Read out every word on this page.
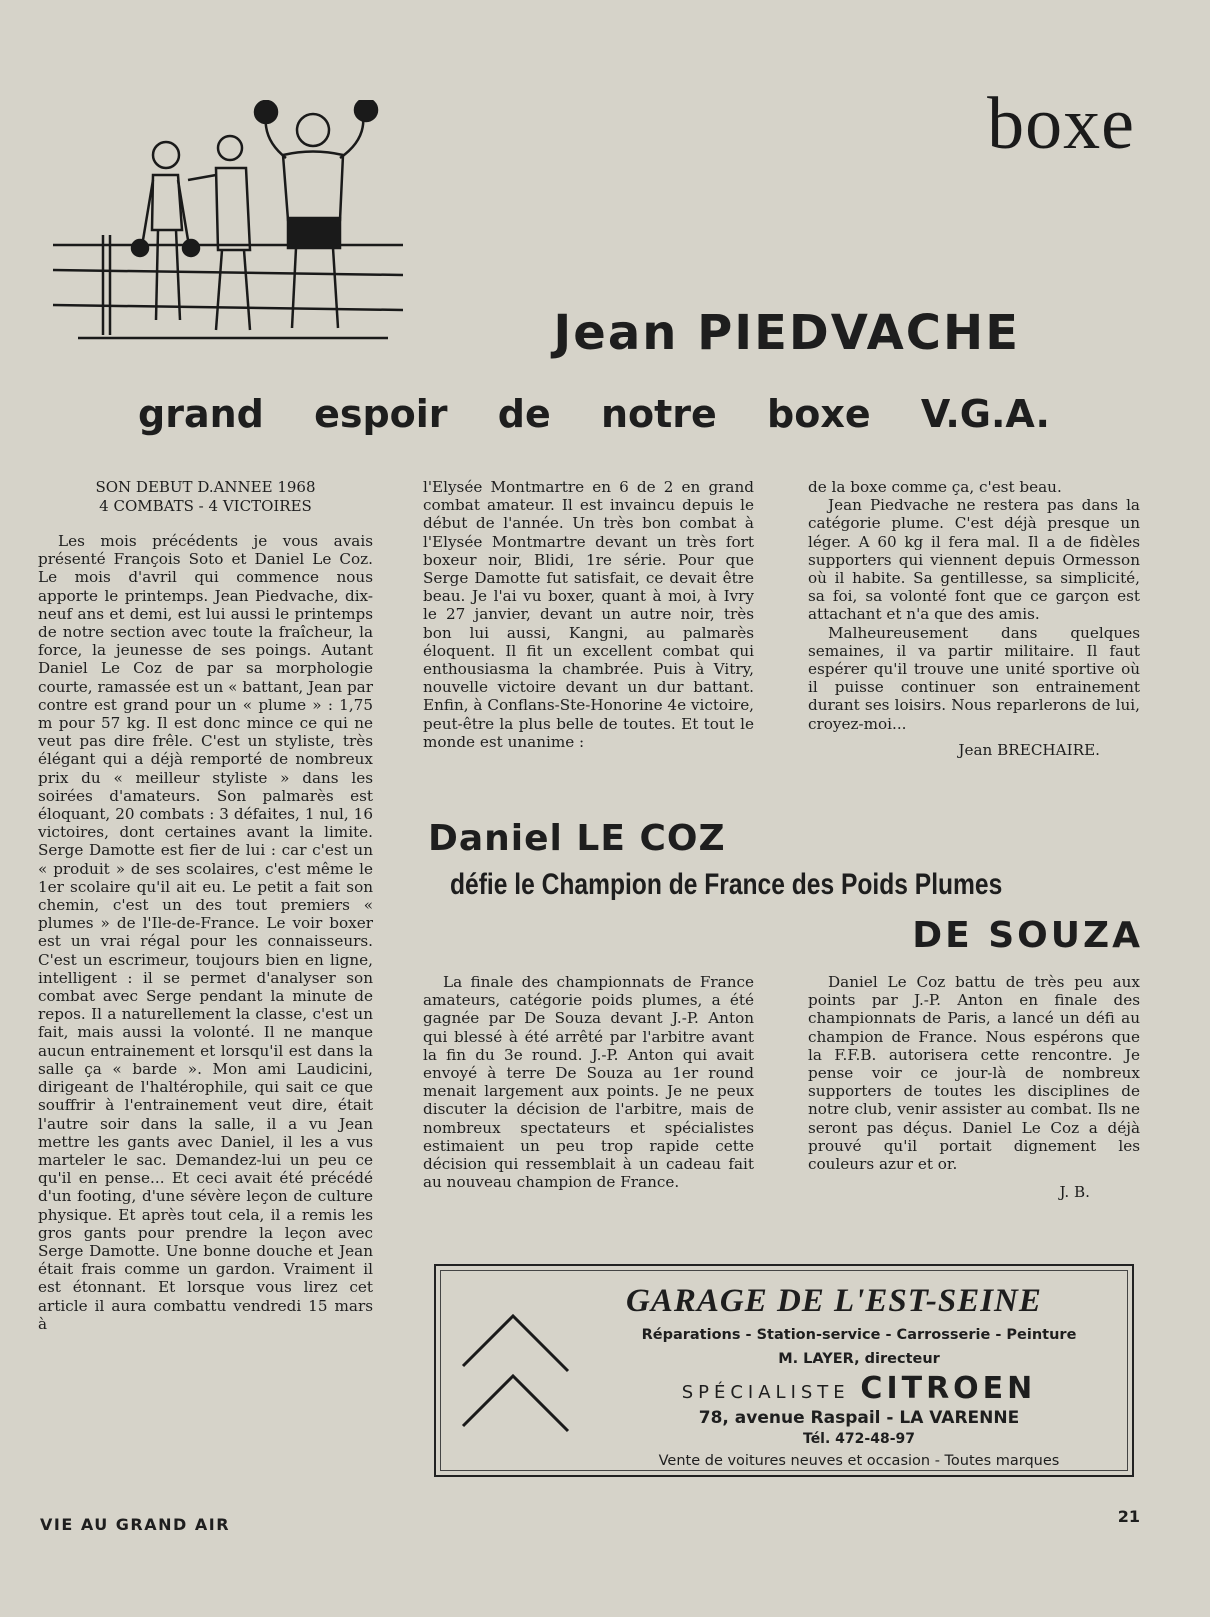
boxe
Jean PIEDVACHE
grand espoir de notre boxe V.G.A.

SON DEBUT D.ANNEE 1968
4 COMBATS - 4 VICTOIRES

Les mois précédents je vous avais présenté François Soto et Daniel Le Coz. Le mois d'avril qui commence nous apporte le printemps. Jean Piedvache, dix-neuf ans et demi, est lui aussi le printemps de notre section avec toute la fraîcheur, la force, la jeunesse de ses poings. Autant Daniel Le Coz de par sa morphologie courte, ramassée est un « battant, Jean par contre est grand pour un « plume » : 1,75 m pour 57 kg. Il est donc mince ce qui ne veut pas dire frêle. C'est un styliste, très élégant qui a déjà remporté de nombreux prix du « meilleur styliste » dans les soirées d'amateurs. Son palmarès est éloquant, 20 combats : 3 défaites, 1 nul, 16 victoires, dont certaines avant la limite. Serge Damotte est fier de lui : car c'est un « produit » de ses scolaires, c'est même le 1er scolaire qu'il ait eu. Le petit a fait son chemin, c'est un des tout premiers « plumes » de l'Ile-de-France. Le voir boxer est un vrai régal pour les connaisseurs. C'est un escrimeur, toujours bien en ligne, intelligent : il se permet d'analyser son combat avec Serge pendant la minute de repos. Il a naturellement la classe, c'est un fait, mais aussi la volonté. Il ne manque aucun entrainement et lorsqu'il est dans la salle ça « barde ». Mon ami Laudicini, dirigeant de l'haltérophile, qui sait ce que souffrir à l'entrainement veut dire, était l'autre soir dans la salle, il a vu Jean mettre les gants avec Daniel, il les a vus marteler le sac. Demandez-lui un peu ce qu'il en pense... Et ceci avait été précédé d'un footing, d'une sévère leçon de culture physique. Et après tout cela, il a remis les gros gants pour prendre la leçon avec Serge Damotte. Une bonne douche et Jean était frais comme un gardon. Vraiment il est étonnant. Et lorsque vous lirez cet article il aura combattu vendredi 15 mars à

l'Elysée Montmartre en 6 de 2 en grand combat amateur. Il est invaincu depuis le début de l'année. Un très bon combat à l'Elysée Montmartre devant un très fort boxeur noir, Blidi, 1re série. Pour que Serge Damotte fut satisfait, ce devait être beau. Je l'ai vu boxer, quant à moi, à Ivry le 27 janvier, devant un autre noir, très bon lui aussi, Kangni, au palmarès éloquent. Il fit un excellent combat qui enthousiasma la chambrée. Puis à Vitry, nouvelle victoire devant un dur battant. Enfin, à Conflans-Ste-Honorine 4e victoire, peut-être la plus belle de toutes. Et tout le monde est unanime :

de la boxe comme ça, c'est beau.

Jean Piedvache ne restera pas dans la catégorie plume. C'est déjà presque un léger. A 60 kg il fera mal. Il a de fidèles supporters qui viennent depuis Ormesson où il habite. Sa gentillesse, sa simplicité, sa foi, sa volonté font que ce garçon est attachant et n'a que des amis.

Malheureusement dans quelques semaines, il va partir militaire. Il faut espérer qu'il trouve une unité sportive où il puisse continuer son entrainement durant ses loisirs. Nous reparlerons de lui, croyez-moi...

Jean BRECHAIRE.

Daniel LE COZ
défie le Champion de France des Poids Plumes
DE SOUZA

La finale des championnats de France amateurs, catégorie poids plumes, a été gagnée par De Souza devant J.-P. Anton qui blessé à été arrêté par l'arbitre avant la fin du 3e round. J.-P. Anton qui avait envoyé à terre De Souza au 1er round menait largement aux points. Je ne peux discuter la décision de l'arbitre, mais de nombreux spectateurs et spécialistes estimaient un peu trop rapide cette décision qui ressemblait à un cadeau fait au nouveau champion de France.

Daniel Le Coz battu de très peu aux points par J.-P. Anton en finale des championnats de Paris, a lancé un défi au champion de France. Nous espérons que la F.F.B. autorisera cette rencontre. Je pense voir ce jour-là de nombreux supporters de toutes les disciplines de notre club, venir assister au combat. Ils ne seront pas déçus. Daniel Le Coz a déjà prouvé qu'il portait dignement les couleurs azur et or.

J. B.

GARAGE DE L'EST-SEINE
Réparations - Station-service - Carrosserie - Peinture
M. LAYER, directeur
SPÉCIALISTE CITROEN
78, avenue Raspail - LA VARENNE
Tél. 472-48-97
Vente de voitures neuves et occasion - Toutes marques
VIE AU GRAND AIR	21
